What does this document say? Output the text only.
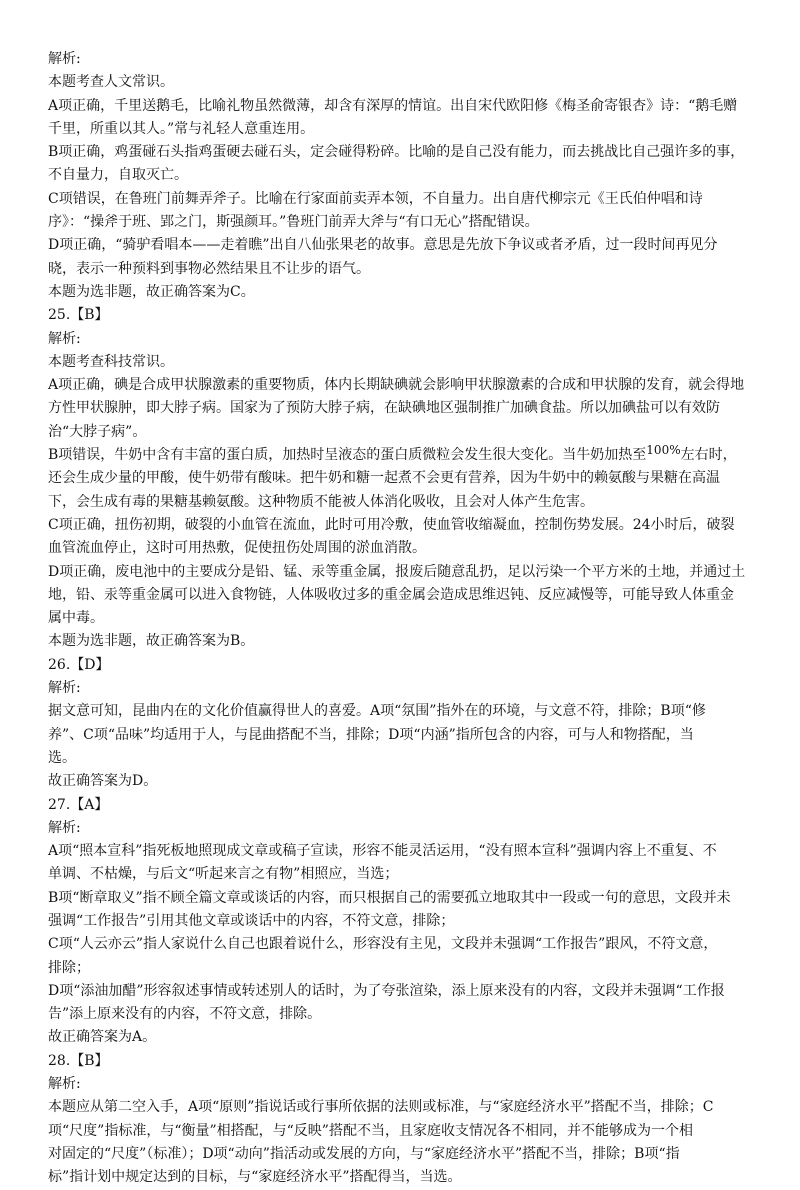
解析:

本题考查人文常识。

A项正确，千里送鹅毛，比喻礼物虽然微薄，却含有深厚的情谊。出自宋代欧阳修《梅圣俞寄银杏》诗：“鹅毛赠

千里，所重以其人。”常与礼轻人意重连用。

B项正确，鸡蛋碰石头指鸡蛋硬去碰石头，定会碰得粉碎。比喻的是自己没有能力，而去挑战比自己强许多的事，

不自量力，自取灭亡。

C项错误，在鲁班门前舞弄斧子。比喻在行家面前卖弄本领，不自量力。出自唐代柳宗元《王氏伯仲唱和诗

序》：“操斧于班、郢之门，斯强颜耳。”鲁班门前弄大斧与“有口无心”搭配错误。

D项正确，“骑驴看唱本——走着瞧”出自八仙张果老的故事。意思是先放下争议或者矛盾，过一段时间再见分

晓，表示一种预料到事物必然结果且不让步的语气。

本题为选非题，故正确答案为C。

25.【B】

解析:

本题考查科技常识。

A项正确，碘是合成甲状腺激素的重要物质，体内长期缺碘就会影响甲状腺激素的合成和甲状腺的发育，就会得地

方性甲状腺肿，即大脖子病。国家为了预防大脖子病，在缺碘地区强制推广加碘食盐。所以加碘盐可以有效防

治“大脖子病”。

B项错误，牛奶中含有丰富的蛋白质，加热时呈液态的蛋白质微粒会发生很大变化。当牛奶加热至100%左右时，

还会生成少量的甲酸，使牛奶带有酸味。把牛奶和糖一起煮不会更有营养，因为牛奶中的赖氨酸与果糖在高温

下，会生成有毒的果糖基赖氨酸。这种物质不能被人体消化吸收，且会对人体产生危害。

C项正确，扭伤初期，破裂的小血管在流血，此时可用冷敷，使血管收缩凝血，控制伤势发展。24小时后，破裂

血管流血停止，这时可用热敷，促使扭伤处周围的淤血消散。

D项正确，废电池中的主要成分是铅、锰、汞等重金属，报废后随意乱扔，足以污染一个平方米的土地，并通过土

地，铅、汞等重金属可以进入食物链，人体吸收过多的重金属会造成思维迟钝、反应减慢等，可能导致人体重金

属中毒。

本题为选非题，故正确答案为B。

26.【D】

解析:

据文意可知，昆曲内在的文化价值赢得世人的喜爱。A项“氛围”指外在的环境，与文意不符，排除；B项“修

养”、C项“品味”均适用于人，与昆曲搭配不当，排除；D项“内涵”指所包含的内容，可与人和物搭配，当

选。

故正确答案为D。

27.【A】

解析:

A项“照本宣科”指死板地照现成文章或稿子宣读，形容不能灵活运用，“没有照本宣科”强调内容上不重复、不

单调、不枯燥，与后文“听起来言之有物”相照应，当选；

B项“断章取义”指不顾全篇文章或谈话的内容，而只根据自己的需要孤立地取其中一段或一句的意思，文段并未

强调“工作报告”引用其他文章或谈话中的内容，不符文意，排除；

C项“人云亦云”指人家说什么自己也跟着说什么，形容没有主见，文段并未强调“工作报告”跟风，不符文意，

排除；

D项“添油加醋”形容叙述事情或转述别人的话时，为了夸张渲染，添上原来没有的内容，文段并未强调“工作报

告”添上原来没有的内容，不符文意，排除。

故正确答案为A。

28.【B】

解析:

本题应从第二空入手，A项“原则”指说话或行事所依据的法则或标准，与“家庭经济水平”搭配不当，排除；C

项“尺度”指标准，与“衡量”相搭配，与“反映”搭配不当，且家庭收支情况各不相同，并不能够成为一个相

对固定的“尺度”（标准）；D项“动向”指活动或发展的方向，与“家庭经济水平”搭配不当，排除；B项“指

标”指计划中规定达到的目标，与“家庭经济水平”搭配得当，当选。
